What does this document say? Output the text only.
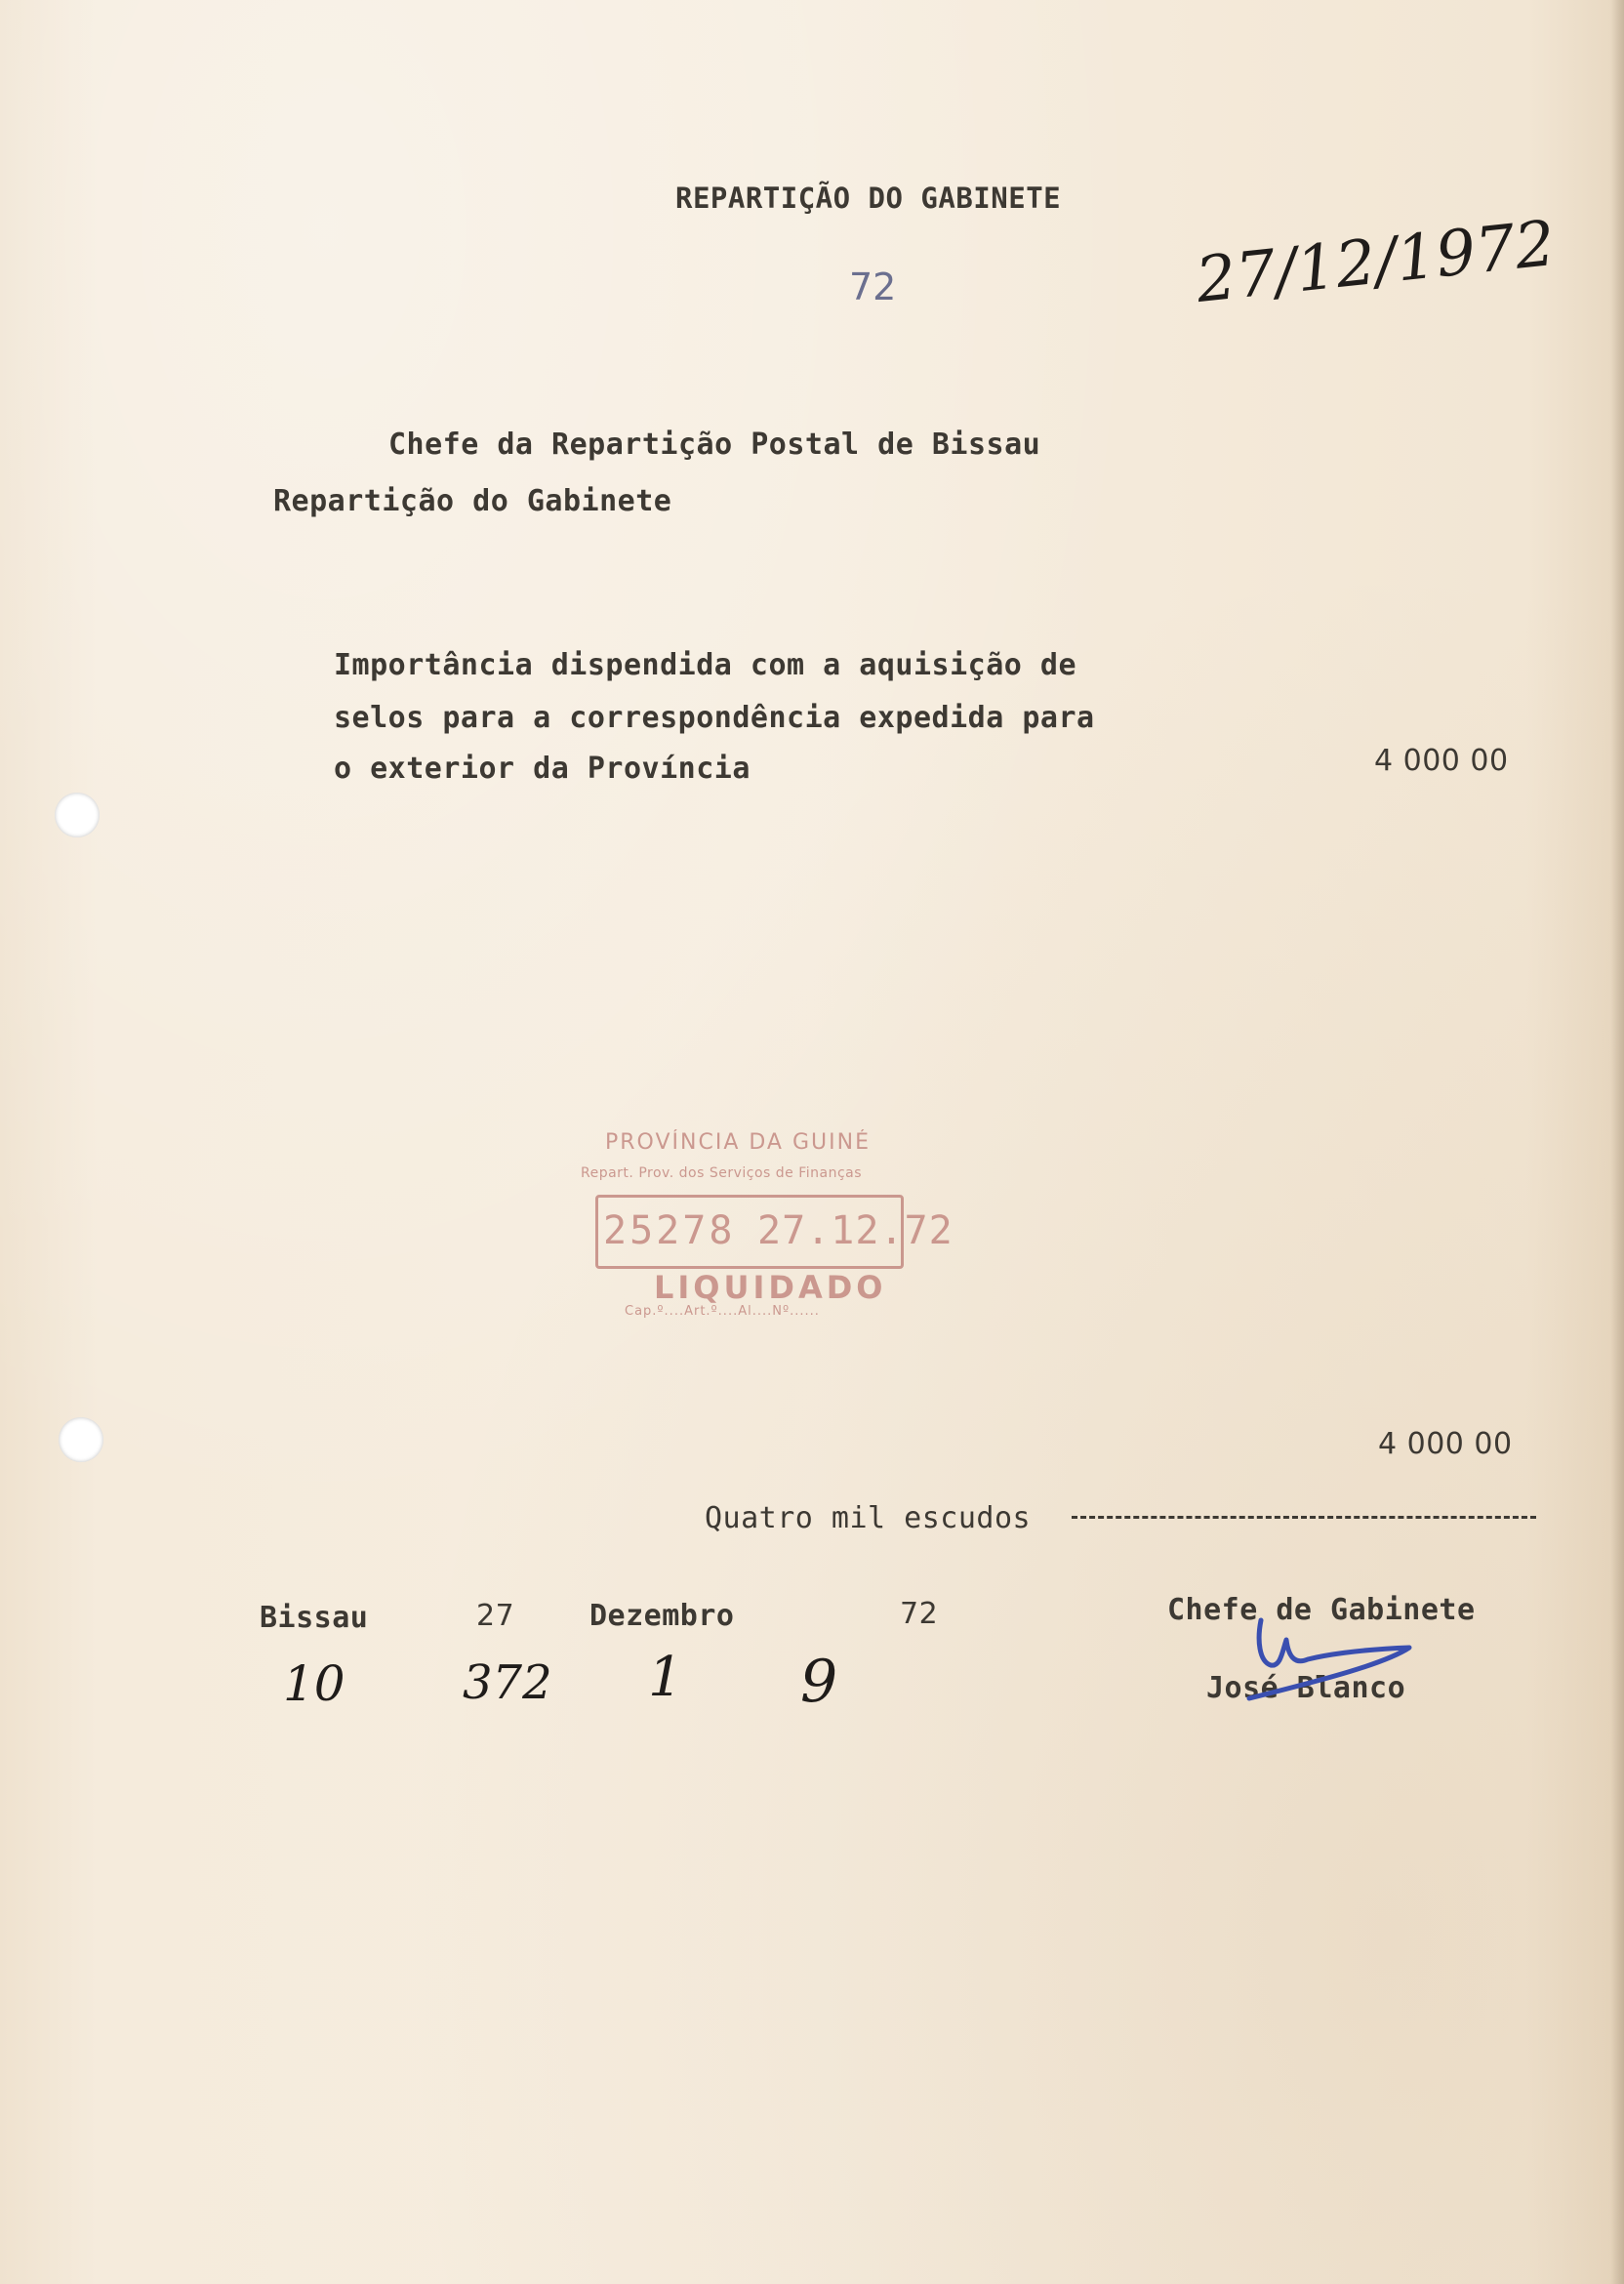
REPARTIÇÃO DO GABINETE
72	27/12/1972
Chefe da Repartição Postal de Bissau
Repartição do Gabinete
Importância dispendida com a aquisição de
selos para a correspondência expedida para
o exterior da Província	4 000 00
PROVÍNCIA DA GUINÉ
Repart. Prov. dos Serviços de Finanças
25278 27.12.72
LIQUIDADO
Cap.º....Art.º....Al....Nº......
4 000 00
Quatro mil escudos
Bissau	27	Dezembro	72
10	372 1 9
Chefe de Gabinete
José Blanco
